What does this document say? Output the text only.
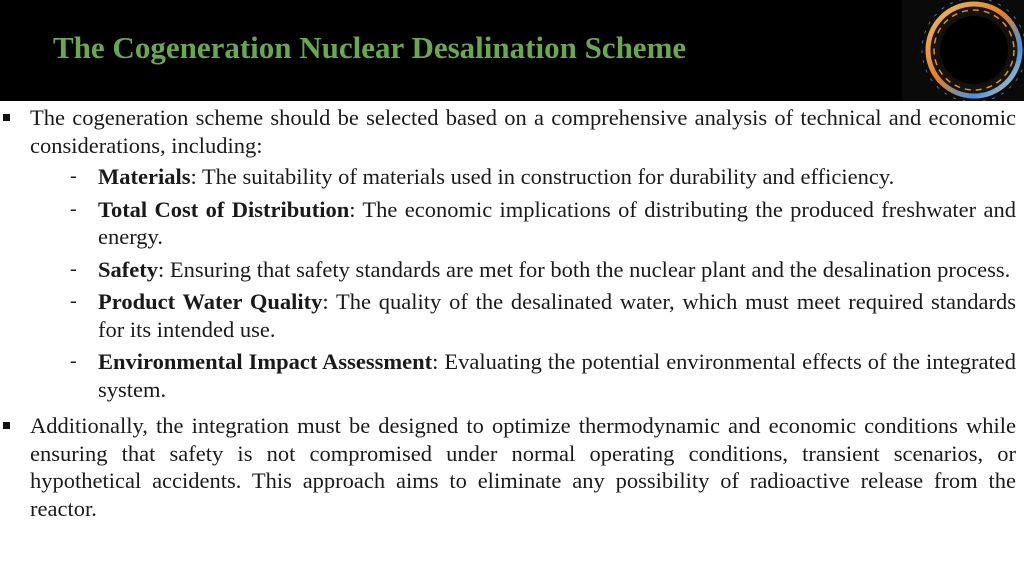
The Cogeneration Nuclear Desalination Scheme
The cogeneration scheme should be selected based on a comprehensive analysis of technical and economic considerations, including:
- Materials: The suitability of materials used in construction for durability and efficiency.
- Total Cost of Distribution: The economic implications of distributing the produced freshwater and energy.
- Safety: Ensuring that safety standards are met for both the nuclear plant and the desalination process.
- Product Water Quality: The quality of the desalinated water, which must meet required standards for its intended use.
- Environmental Impact Assessment: Evaluating the potential environmental effects of the integrated system.
Additionally, the integration must be designed to optimize thermodynamic and economic conditions while ensuring that safety is not compromised under normal operating conditions, transient scenarios, or hypothetical accidents. This approach aims to eliminate any possibility of radioactive release from the reactor.
